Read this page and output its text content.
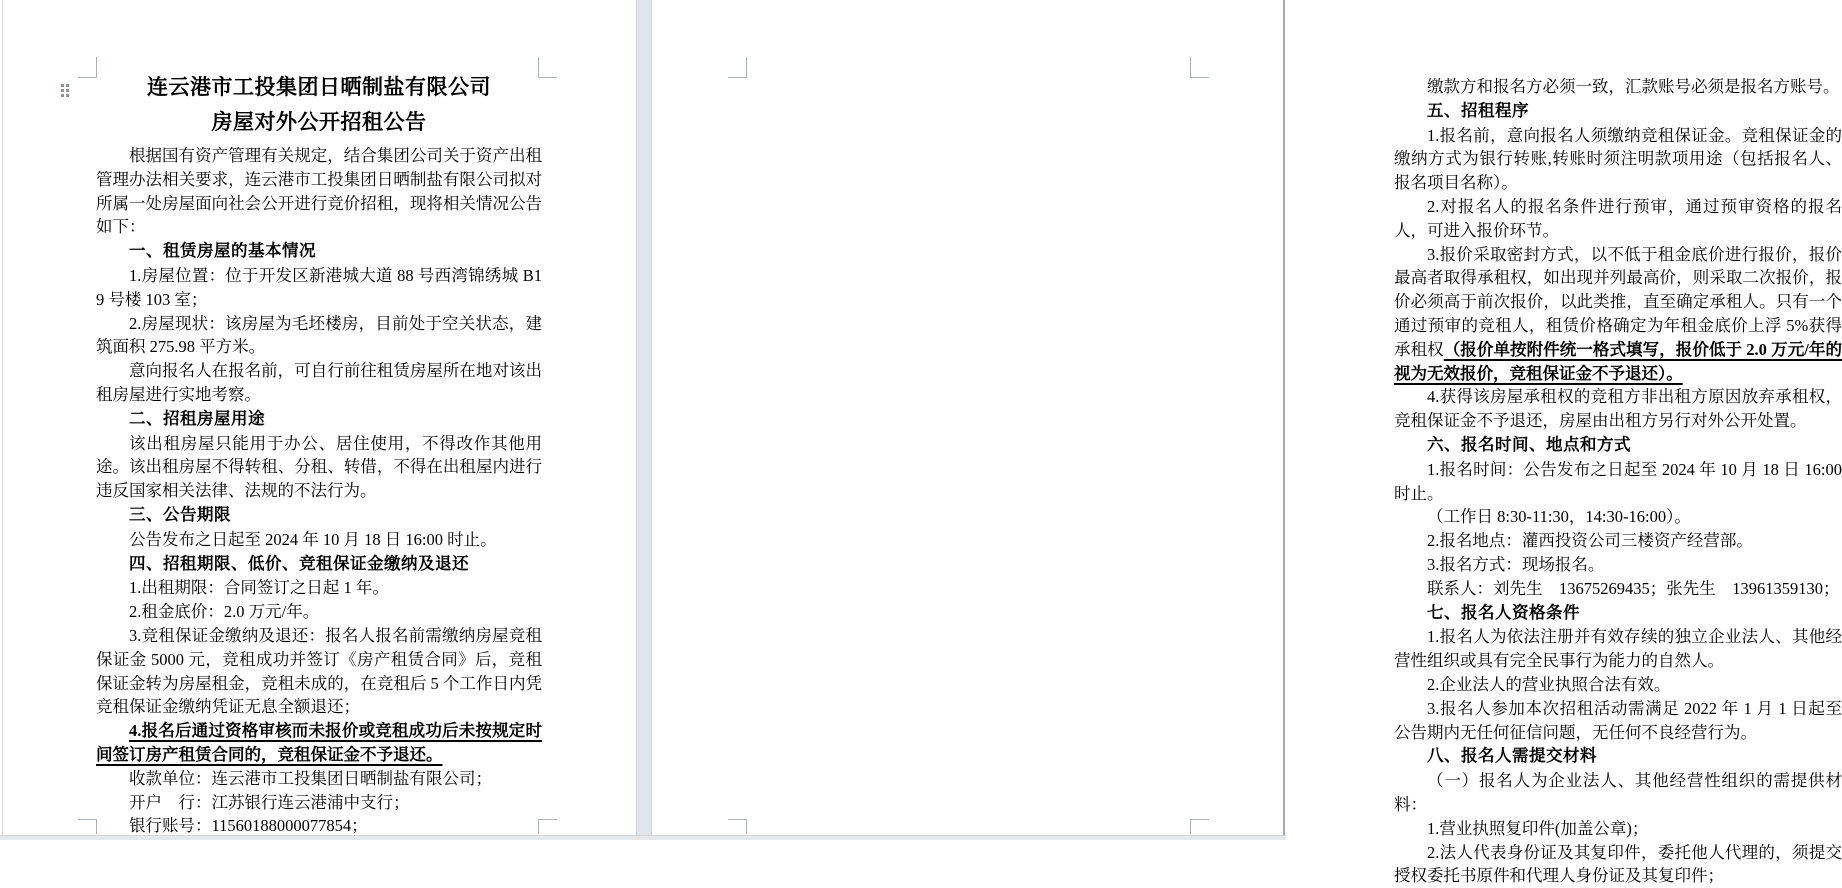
连云港市工投集团日晒制盐有限公司
房屋对外公开招租公告

根据国有资产管理有关规定，结合集团公司关于资产出租管理办法相关要求，连云港市工投集团日晒制盐有限公司拟对所属一处房屋面向社会公开进行竞价招租，现将相关情况公告如下：

一、租赁房屋的基本情况

1.房屋位置：位于开发区新港城大道 88 号西湾锦绣城 B19 号楼 103 室；

2.房屋现状：该房屋为毛坯楼房，目前处于空关状态，建筑面积 275.98 平方米。

意向报名人在报名前，可自行前往租赁房屋所在地对该出租房屋进行实地考察。

二、招租房屋用途

该出租房屋只能用于办公、居住使用，不得改作其他用途。该出租房屋不得转租、分租、转借，不得在出租屋内进行违反国家相关法律、法规的不法行为。

三、公告期限

公告发布之日起至 2024 年 10 月 18 日 16:00 时止。

四、招租期限、低价、竞租保证金缴纳及退还

1.出租期限：合同签订之日起 1 年。

2.租金底价：2.0 万元/年。

3.竞租保证金缴纳及退还：报名人报名前需缴纳房屋竞租保证金 5000 元，竞租成功并签订《房产租赁合同》后，竞租保证金转为房屋租金，竞租未成的，在竞租后 5 个工作日内凭竞租保证金缴纳凭证无息全额退还；

4.报名后通过资格审核而未报价或竞租成功后未按规定时间签订房产租赁合同的，竞租保证金不予退还。

收款单位：连云港市工投集团日晒制盐有限公司；

开户　行：江苏银行连云港浦中支行；

银行账号：11560188000077854；

缴款方和报名方必须一致，汇款账号必须是报名方账号。

五、招租程序

1.报名前，意向报名人须缴纳竞租保证金。竞租保证金的缴纳方式为银行转账,转账时须注明款项用途（包括报名人、报名项目名称）。

2.对报名人的报名条件进行预审，通过预审资格的报名人，可进入报价环节。

3.报价采取密封方式，以不低于租金底价进行报价，报价最高者取得承租权，如出现并列最高价，则采取二次报价，报价必须高于前次报价，以此类推，直至确定承租人。只有一个通过预审的竞租人，租赁价格确定为年租金底价上浮 5%获得承租权（报价单按附件统一格式填写，报价低于 2.0 万元/年的视为无效报价，竞租保证金不予退还）。

4.获得该房屋承租权的竞租方非出租方原因放弃承租权，竞租保证金不予退还，房屋由出租方另行对外公开处置。

六、报名时间、地点和方式

1.报名时间：公告发布之日起至 2024 年 10 月 18 日 16:00 时止。

（工作日 8:30-11:30，14:30-16:00）。

2.报名地点：灌西投资公司三楼资产经营部。

3.报名方式：现场报名。

联系人：刘先生　13675269435；张先生　13961359130；

七、报名人资格条件

1.报名人为依法注册并有效存续的独立企业法人、其他经营性组织或具有完全民事行为能力的自然人。

2.企业法人的营业执照合法有效。

3.报名人参加本次招租活动需满足 2022 年 1 月 1 日起至公告期内无任何征信问题，无任何不良经营行为。

八、报名人需提交材料

（一）报名人为企业法人、其他经营性组织的需提供材料：

1.营业执照复印件(加盖公章)；

2.法人代表身份证及其复印件，委托他人代理的，须提交授权委托书原件和代理人身份证及其复印件；
